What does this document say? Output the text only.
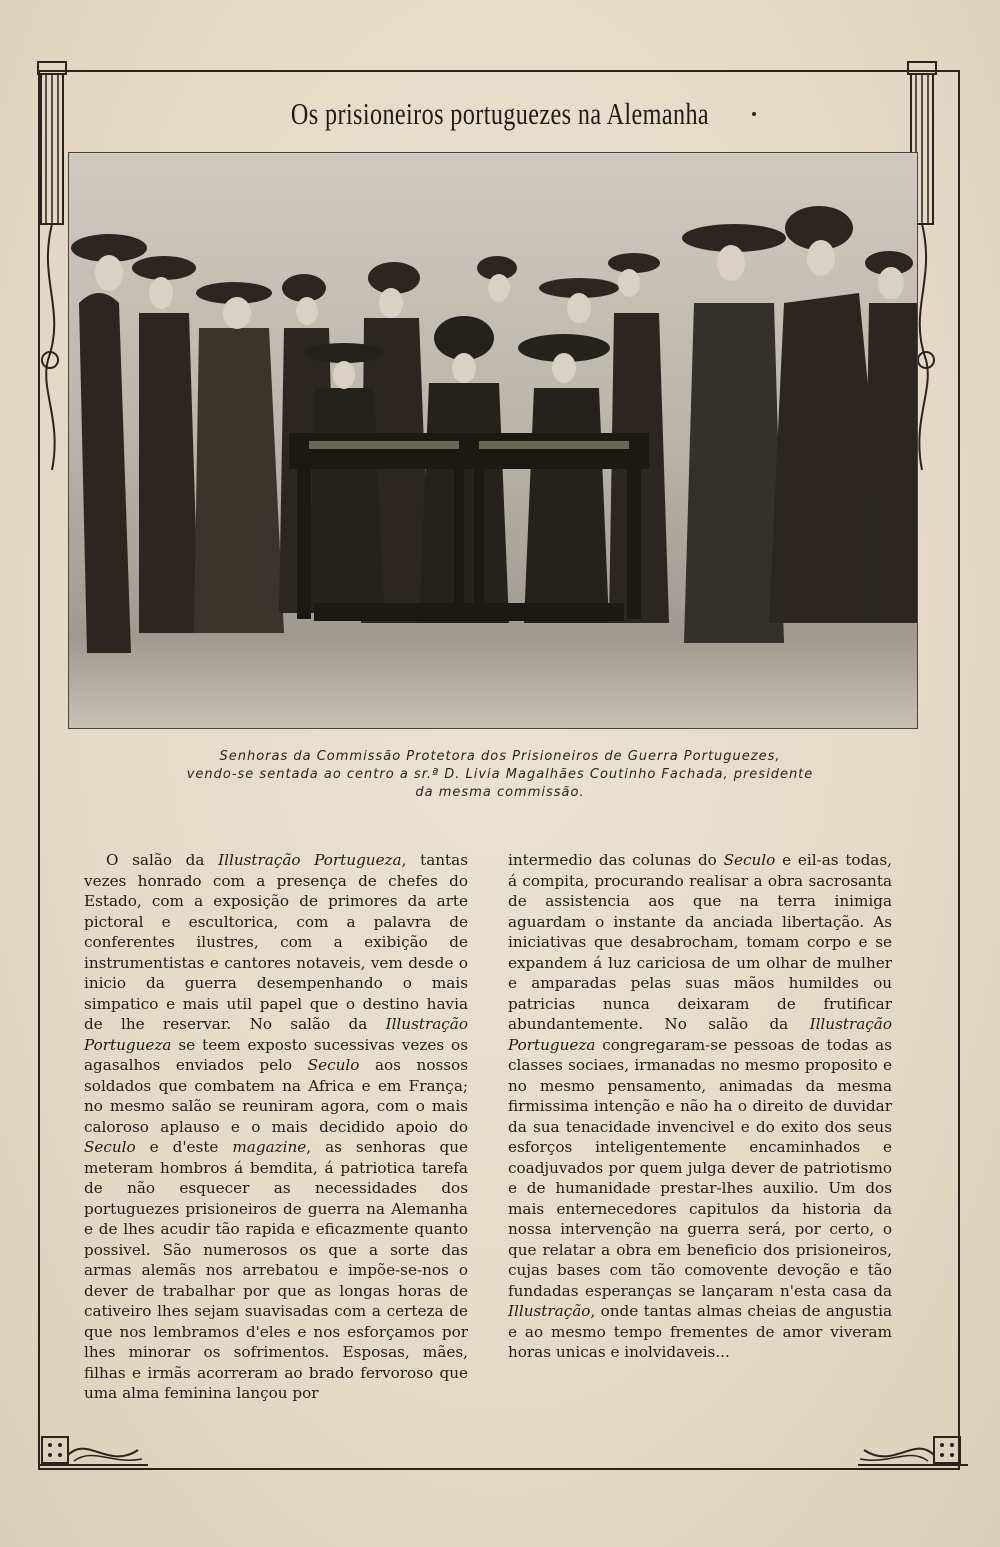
Os prisioneiros portuguezes na Alemanha
Senhoras da Commissão Protetora dos Prisioneiros de Guerra Portuguezes,
vendo-se sentada ao centro a sr.ª D. Livia Magalhães Coutinho Fachada, presidente
da mesma commissão.
O salão da Illustração Portugueza, tantas vezes honrado com a presença de chefes do Estado, com a exposição de primores da arte pictoral e escultorica, com a palavra de conferentes ilustres, com a exibição de instrumentistas e cantores notaveis, vem desde o inicio da guerra desempenhando o mais simpatico e mais util papel que o destino havia de lhe reservar. No salão da Illustração Portugueza se teem exposto sucessivas vezes os agasalhos enviados pelo Seculo aos nossos soldados que combatem na Africa e em França; no mesmo salão se reuniram agora, com o mais caloroso aplauso e o mais decidido apoio do Seculo e d'este magazine, as senhoras que meteram hombros á bemdita, á patriotica tarefa de não esquecer as necessidades dos portuguezes prisioneiros de guerra na Alemanha e de lhes acudir tão rapida e eficazmente quanto possivel. São numerosos os que a sorte das armas alemãs nos arrebatou e impõe-se-nos o dever de trabalhar por que as longas horas de cativeiro lhes sejam suavisadas com a certeza de que nos lembramos d'eles e nos esforçamos por lhes minorar os sofrimentos. Esposas, mães, filhas e irmãs acorreram ao brado fervoroso que uma alma feminina lançou por
intermedio das colunas do Seculo e eil-as todas, á compita, procurando realisar a obra sacrosanta de assistencia aos que na terra inimiga aguardam o instante da anciada libertação. As iniciativas que desabrocham, tomam corpo e se expandem á luz cariciosa de um olhar de mulher e amparadas pelas suas mãos humildes ou patricias nunca deixaram de frutificar abundantemente. No salão da Illustração Portugueza congregaram-se pessoas de todas as classes sociaes, irmanadas no mesmo proposito e no mesmo pensamento, animadas da mesma firmissima intenção e não ha o direito de duvidar da sua tenacidade invencivel e do exito dos seus esforços inteligentemente encaminhados e coadjuvados por quem julga dever de patriotismo e de humanidade prestar-lhes auxilio. Um dos mais enternecedores capitulos da historia da nossa intervenção na guerra será, por certo, o que relatar a obra em beneficio dos prisioneiros, cujas bases com tão comovente devoção e tão fundadas esperanças se lançaram n'esta casa da Illustração, onde tantas almas cheias de angustia e ao mesmo tempo frementes de amor viveram horas unicas e inolvidaveis...
